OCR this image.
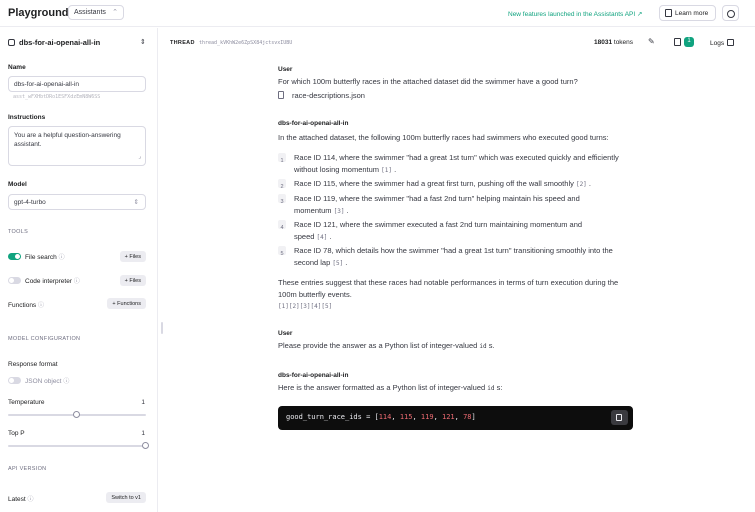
Playground Assistants ⌃	New features launched in the Assistants API ↗	Learn more
dbs-for-ai-openai-all-in	⇕
Name
dbs-for-ai-openai-all-in
asst_wFXHbtDRo1ESFXdzEmN8W6SS
Instructions
You are a helpful question-answering assistant.
⌟
Model
gpt-4-turbo	⇕
TOOLS
File search ⓘ	+ Files
Code interpreter ⓘ	+ Files
Functions ⓘ	+ Functions
MODEL CONFIGURATION
Response format
JSON object ⓘ
Temperature	1
Top P	1
API VERSION
Latest ⓘ	Switch to v1
THREAD thread_kVKhW2e6ZpSX84jctsvxIUBU	18031 tokens ✎	1	Logs
User
For which 100m butterfly races in the attached dataset did the swimmer have a good turn?
race-descriptions.json
dbs-for-ai-openai-all-in
In the attached dataset, the following 100m butterfly races had swimmers who executed good turns:
1	Race ID 114, where the swimmer "had a great 1st turn" which was executed quickly and efficiently without losing momentum [1] .
2	Race ID 115, where the swimmer had a great first turn, pushing off the wall smoothly [2] .
3	Race ID 119, where the swimmer "had a fast 2nd turn" helping maintain his speed and momentum [3] .
4	Race ID 121, where the swimmer executed a fast 2nd turn maintaining momentum and speed [4] .
5	Race ID 78, which details how the swimmer "had a great 1st turn" transitioning smoothly into the second lap [5] .
These entries suggest that these races had notable performances in terms of turn execution during the 100m butterfly events.
[1][2][3][4][5]
User
Please provide the answer as a Python list of integer-valued id s.
dbs-for-ai-openai-all-in
Here is the answer formatted as a Python list of integer-valued id s:
good_turn_race_ids = [114, 115, 119, 121, 78]
